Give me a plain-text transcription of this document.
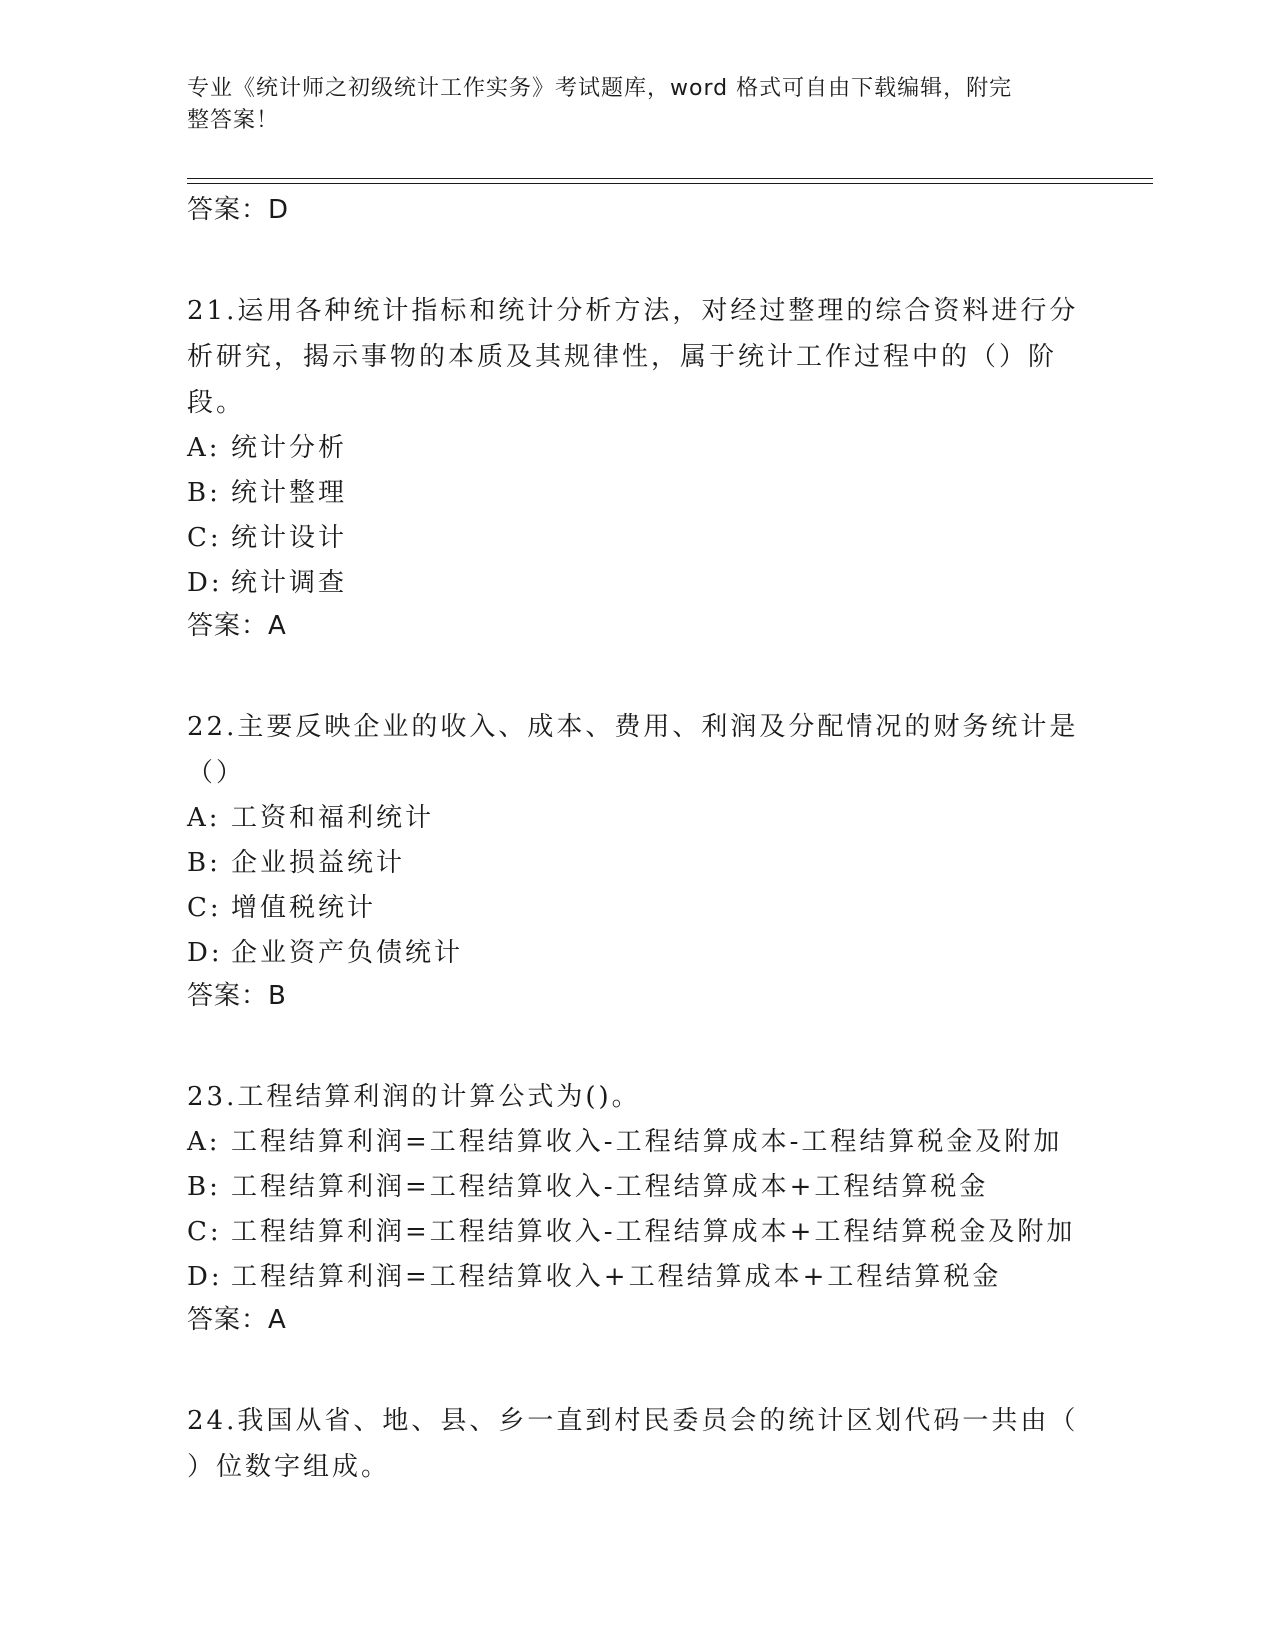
专业《统计师之初级统计工作实务》考试题库，word 格式可自由下载编辑，附完
整答案！

答案：D

21.运用各种统计指标和统计分析方法，对经过整理的综合资料进行分

析研究，揭示事物的本质及其规律性，属于统计工作过程中的（）阶

段。

A: 统计分析

B: 统计整理

C: 统计设计

D: 统计调查

答案：A

22.主要反映企业的收入、成本、费用、利润及分配情况的财务统计是

（）

A: 工资和福利统计

B: 企业损益统计

C: 增值税统计

D: 企业资产负债统计

答案：B

23.工程结算利润的计算公式为()。

A: 工程结算利润=工程结算收入-工程结算成本-工程结算税金及附加

B: 工程结算利润=工程结算收入-工程结算成本+工程结算税金

C: 工程结算利润=工程结算收入-工程结算成本+工程结算税金及附加

D: 工程结算利润=工程结算收入+工程结算成本+工程结算税金

答案：A

24.我国从省、地、县、乡一直到村民委员会的统计区划代码一共由（

）位数字组成。
